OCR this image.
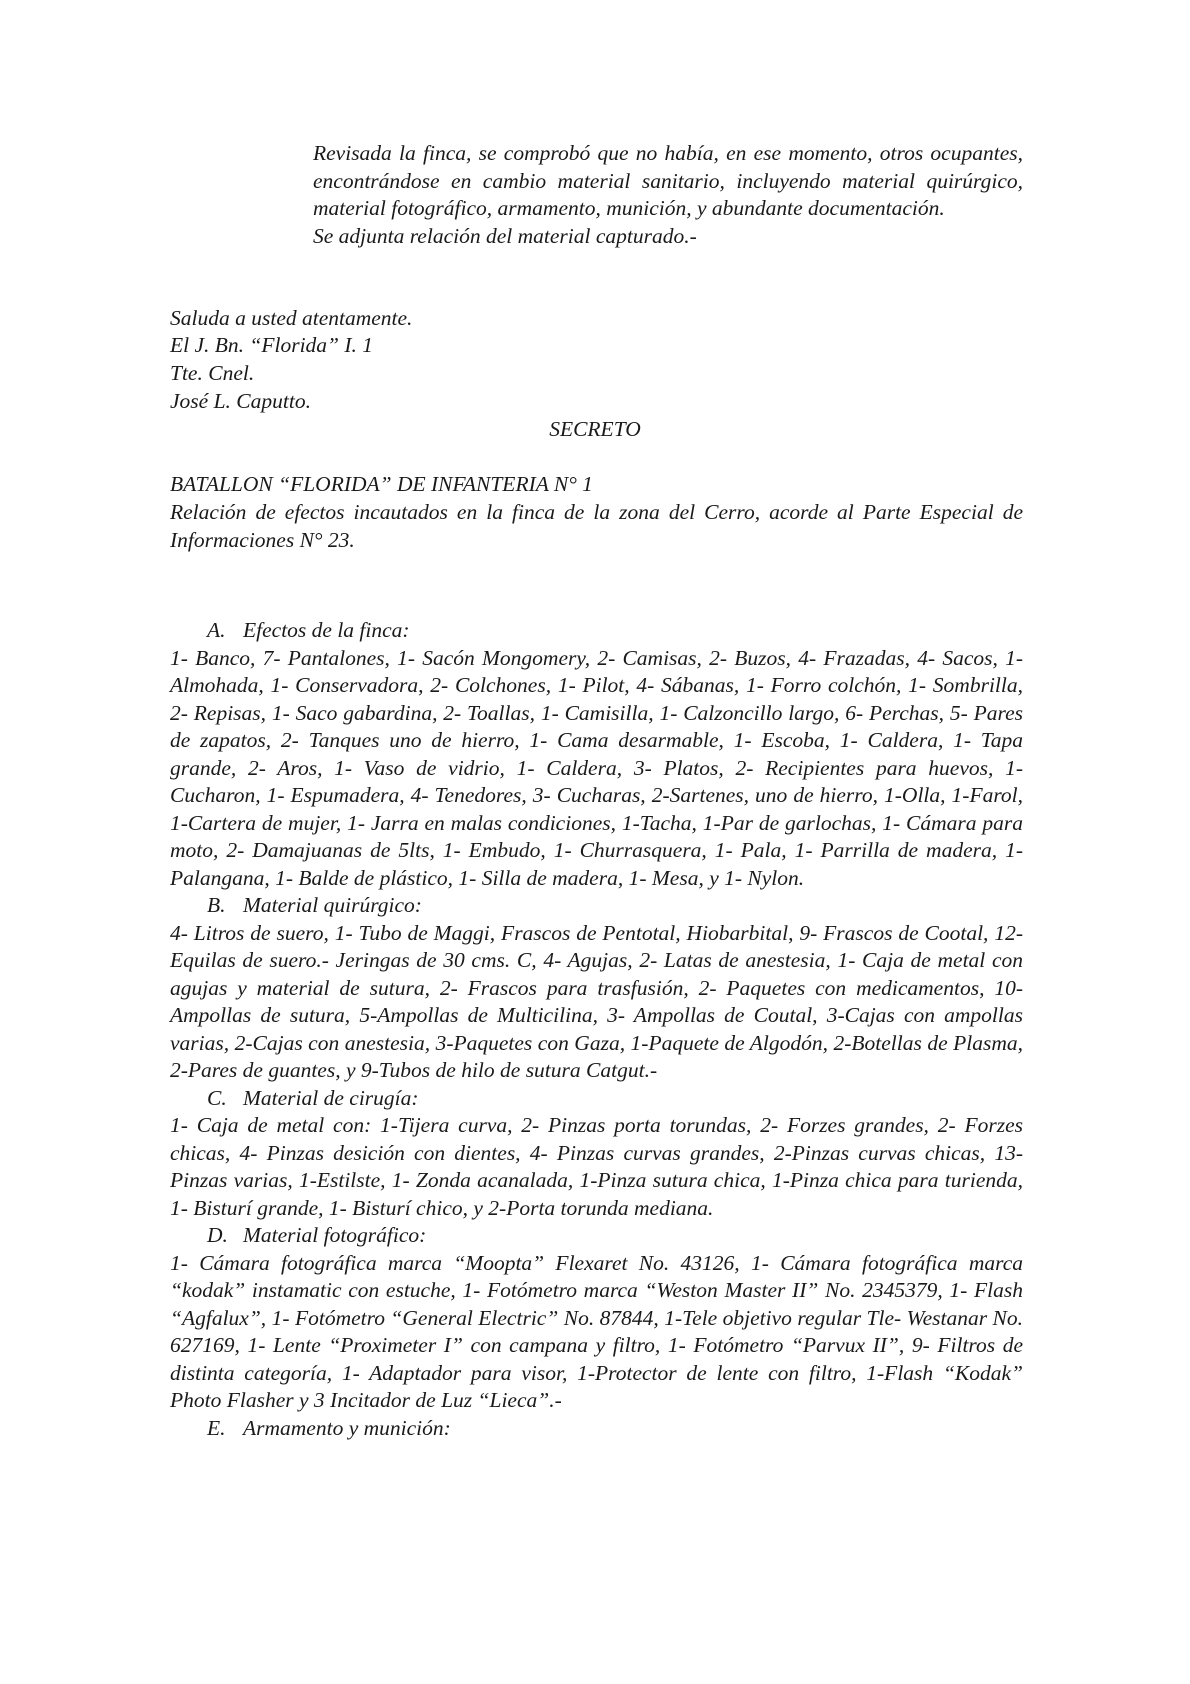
Revisada la finca, se comprobó que no había, en ese momento, otros ocupantes, encontrándose en cambio material sanitario, incluyendo material quirúrgico, material fotográfico, armamento, munición, y abundante documentación.

Se adjunta relación del material capturado.-

Saluda a usted atentamente.

El J. Bn. “Florida” I. 1

Tte. Cnel.

José L. Caputto.

SECRETO

BATALLON “FLORIDA” DE INFANTERIA N° 1

Relación de efectos incautados en la finca de la zona del Cerro, acorde al Parte Especial de Informaciones N° 23.

A. Efectos de la finca:

1- Banco, 7- Pantalones, 1- Sacón Mongomery, 2- Camisas, 2- Buzos, 4- Frazadas, 4- Sacos, 1- Almohada, 1- Conservadora, 2- Colchones, 1- Pilot, 4- Sábanas, 1- Forro colchón, 1- Sombrilla, 2- Repisas, 1- Saco gabardina, 2- Toallas, 1- Camisilla, 1- Calzoncillo largo, 6- Perchas, 5- Pares de zapatos, 2- Tanques uno de hierro, 1- Cama desarmable, 1- Escoba, 1- Caldera, 1- Tapa grande, 2- Aros, 1- Vaso de vidrio, 1- Caldera, 3- Platos, 2- Recipientes para huevos, 1- Cucharon, 1- Espumadera, 4- Tenedores, 3- Cucharas, 2-Sartenes, uno de hierro, 1-Olla, 1-Farol, 1-Cartera de mujer, 1- Jarra en malas condiciones, 1-Tacha, 1-Par de garlochas, 1- Cámara para moto, 2- Damajuanas de 5lts, 1- Embudo, 1- Churrasquera, 1- Pala, 1- Parrilla de madera, 1- Palangana, 1- Balde de plástico, 1- Silla de madera, 1- Mesa, y 1- Nylon.

B. Material quirúrgico:

4- Litros de suero, 1- Tubo de Maggi, Frascos de Pentotal, Hiobarbital, 9- Frascos de Cootal, 12-Equilas de suero.- Jeringas de 30 cms. C, 4- Agujas, 2- Latas de anestesia, 1- Caja de metal con agujas y material de sutura, 2- Frascos para trasfusión, 2- Paquetes con medicamentos, 10- Ampollas de sutura, 5-Ampollas de Multicilina, 3- Ampollas de Coutal, 3-Cajas con ampollas varias, 2-Cajas con anestesia, 3-Paquetes con Gaza, 1-Paquete de Algodón, 2-Botellas de Plasma, 2-Pares de guantes, y 9-Tubos de hilo de sutura Catgut.-

C. Material de cirugía:

1- Caja de metal con: 1-Tijera curva, 2- Pinzas porta torundas, 2- Forzes grandes, 2- Forzes chicas, 4- Pinzas desición con dientes, 4- Pinzas curvas grandes, 2-Pinzas curvas chicas, 13-Pinzas varias, 1-Estilste, 1- Zonda acanalada, 1-Pinza sutura chica, 1-Pinza chica para turienda, 1- Bisturí grande, 1- Bisturí chico, y 2-Porta torunda mediana.

D. Material fotográfico:

1- Cámara fotográfica marca “Moopta” Flexaret No. 43126, 1- Cámara fotográfica marca “kodak” instamatic con estuche, 1- Fotómetro marca “Weston Master II” No. 2345379, 1- Flash “Agfalux”, 1- Fotómetro “General Electric” No. 87844, 1-Tele objetivo regular Tle- Westanar No. 627169, 1- Lente “Proximeter I” con campana y filtro, 1- Fotómetro “Parvux II”, 9- Filtros de distinta categoría, 1- Adaptador para visor, 1-Protector de lente con filtro, 1-Flash “Kodak” Photo Flasher y 3 Incitador de Luz “Lieca”.-

E. Armamento y munición:
